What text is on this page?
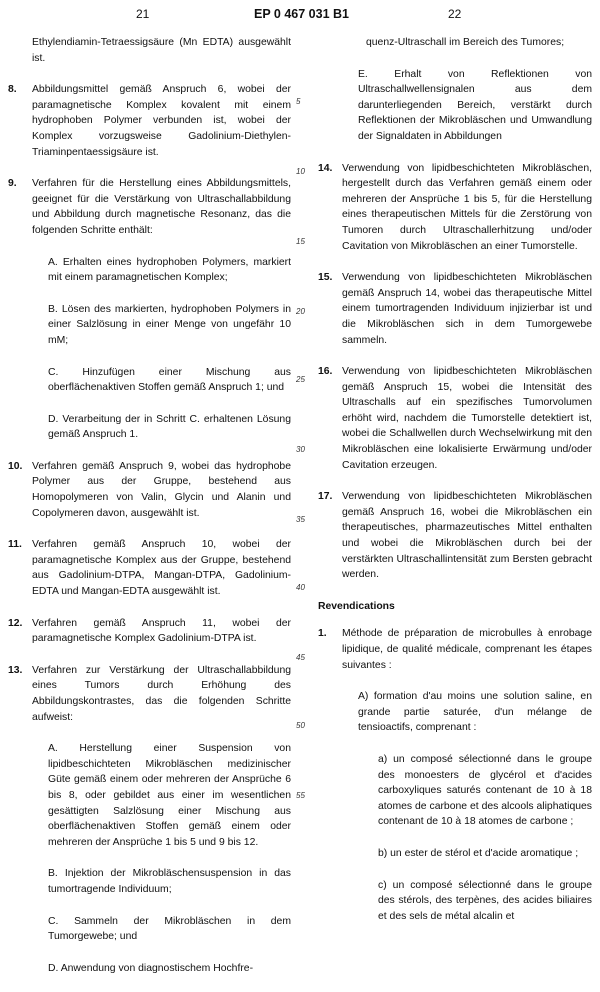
21	EP 0 467 031 B1	22
Ethylendiamin-Tetraessigsäure (Mn EDTA) ausgewählt ist.
8. Abbildungsmittel gemäß Anspruch 6, wobei der paramagnetische Komplex kovalent mit einem hydrophoben Polymer verbunden ist, wobei der Komplex vorzugsweise Gadolinium-Diethylen-Triaminpentaessigsäure ist.
9. Verfahren für die Herstellung eines Abbildungsmittels, geeignet für die Verstärkung von Ultraschallabbildung und Abbildung durch magnetische Resonanz, das die folgenden Schritte enthält:
A. Erhalten eines hydrophoben Polymers, markiert mit einem paramagnetischen Komplex;
B. Lösen des markierten, hydrophoben Polymers in einer Salzlösung in einer Menge von ungefähr 10 mM;
C. Hinzufügen einer Mischung aus oberflächenaktiven Stoffen gemäß Anspruch 1; und
D. Verarbeitung der in Schritt C. erhaltenen Lösung gemäß Anspruch 1.
10. Verfahren gemäß Anspruch 9, wobei das hydrophobe Polymer aus der Gruppe, bestehend aus Homopolymeren von Valin, Glycin und Alanin und Copolymeren davon, ausgewählt ist.
11. Verfahren gemäß Anspruch 10, wobei der paramagnetische Komplex aus der Gruppe, bestehend aus Gadolinium-DTPA, Mangan-DTPA, Gadolinium-EDTA und Mangan-EDTA ausgewählt ist.
12. Verfahren gemäß Anspruch 11, wobei der paramagnetische Komplex Gadolinium-DTPA ist.
13. Verfahren zur Verstärkung der Ultraschallabbildung eines Tumors durch Erhöhung des Abbildungskontrastes, das die folgenden Schritte aufweist:
A. Herstellung einer Suspension von lipidbeschichteten Mikrobläschen medizinischer Güte gemäß einem oder mehreren der Ansprüche 6 bis 8, oder gebildet aus einer im wesentlichen gesättigten Salzlösung einer Mischung aus oberflächenaktiven Stoffen gemäß einem oder mehreren der Ansprüche 1 bis 5 und 9 bis 12.
B. Injektion der Mikrobläschensuspension in das tumortragende Individuum;
C. Sammeln der Mikrobläschen in dem Tumorgewebe; und
D. Anwendung von diagnostischem Hochfre-
5
10
15
20
25
30
35
40
45
50
55
quenz-Ultraschall im Bereich des Tumores;
E. Erhalt von Reflektionen von Ultraschallwellensignalen aus dem darunterliegenden Bereich, verstärkt durch Reflektionen der Mikrobläschen und Umwandlung der Signaldaten in Abbildungen
14. Verwendung von lipidbeschichteten Mikrobläschen, hergestellt durch das Verfahren gemäß einem oder mehreren der Ansprüche 1 bis 5, für die Herstellung eines therapeutischen Mittels für die Zerstörung von Tumoren durch Ultraschallerhitzung und/oder Cavitation von Mikrobläschen an einer Tumorstelle.
15. Verwendung von lipidbeschichteten Mikrobläschen gemäß Anspruch 14, wobei das therapeutische Mittel einem tumortragenden Individuum injizierbar ist und die Mikrobläschen sich in dem Tumorgewebe sammeln.
16. Verwendung von lipidbeschichteten Mikrobläschen gemäß Anspruch 15, wobei die Intensität des Ultraschalls auf ein spezifisches Tumorvolumen erhöht wird, nachdem die Tumorstelle detektiert ist, wobei die Schallwellen durch Wechselwirkung mit den Mikrobläschen eine lokalisierte Erwärmung und/oder Cavitation erzeugen.
17. Verwendung von lipidbeschichteten Mikrobläschen gemäß Anspruch 16, wobei die Mikrobläschen ein therapeutisches, pharmazeutisches Mittel enthalten und wobei die Mikrobläschen durch bei der verstärkten Ultraschallintensität zum Bersten gebracht werden.
Revendications
1. Méthode de préparation de microbulles à enrobage lipidique, de qualité médicale, comprenant les étapes suivantes :
A) formation d'au moins une solution saline, en grande partie saturée, d'un mélange de tensioactifs, comprenant :
a) un composé sélectionné dans le groupe des monoesters de glycérol et d'acides carboxyliques saturés contenant de 10 à 18 atomes de carbone et des alcools aliphatiques contenant de 10 à 18 atomes de carbone ;
b) un ester de stérol et d'acide aromatique ;
c) un composé sélectionné dans le groupe des stérols, des terpènes, des acides biliaires et des sels de métal alcalin et
